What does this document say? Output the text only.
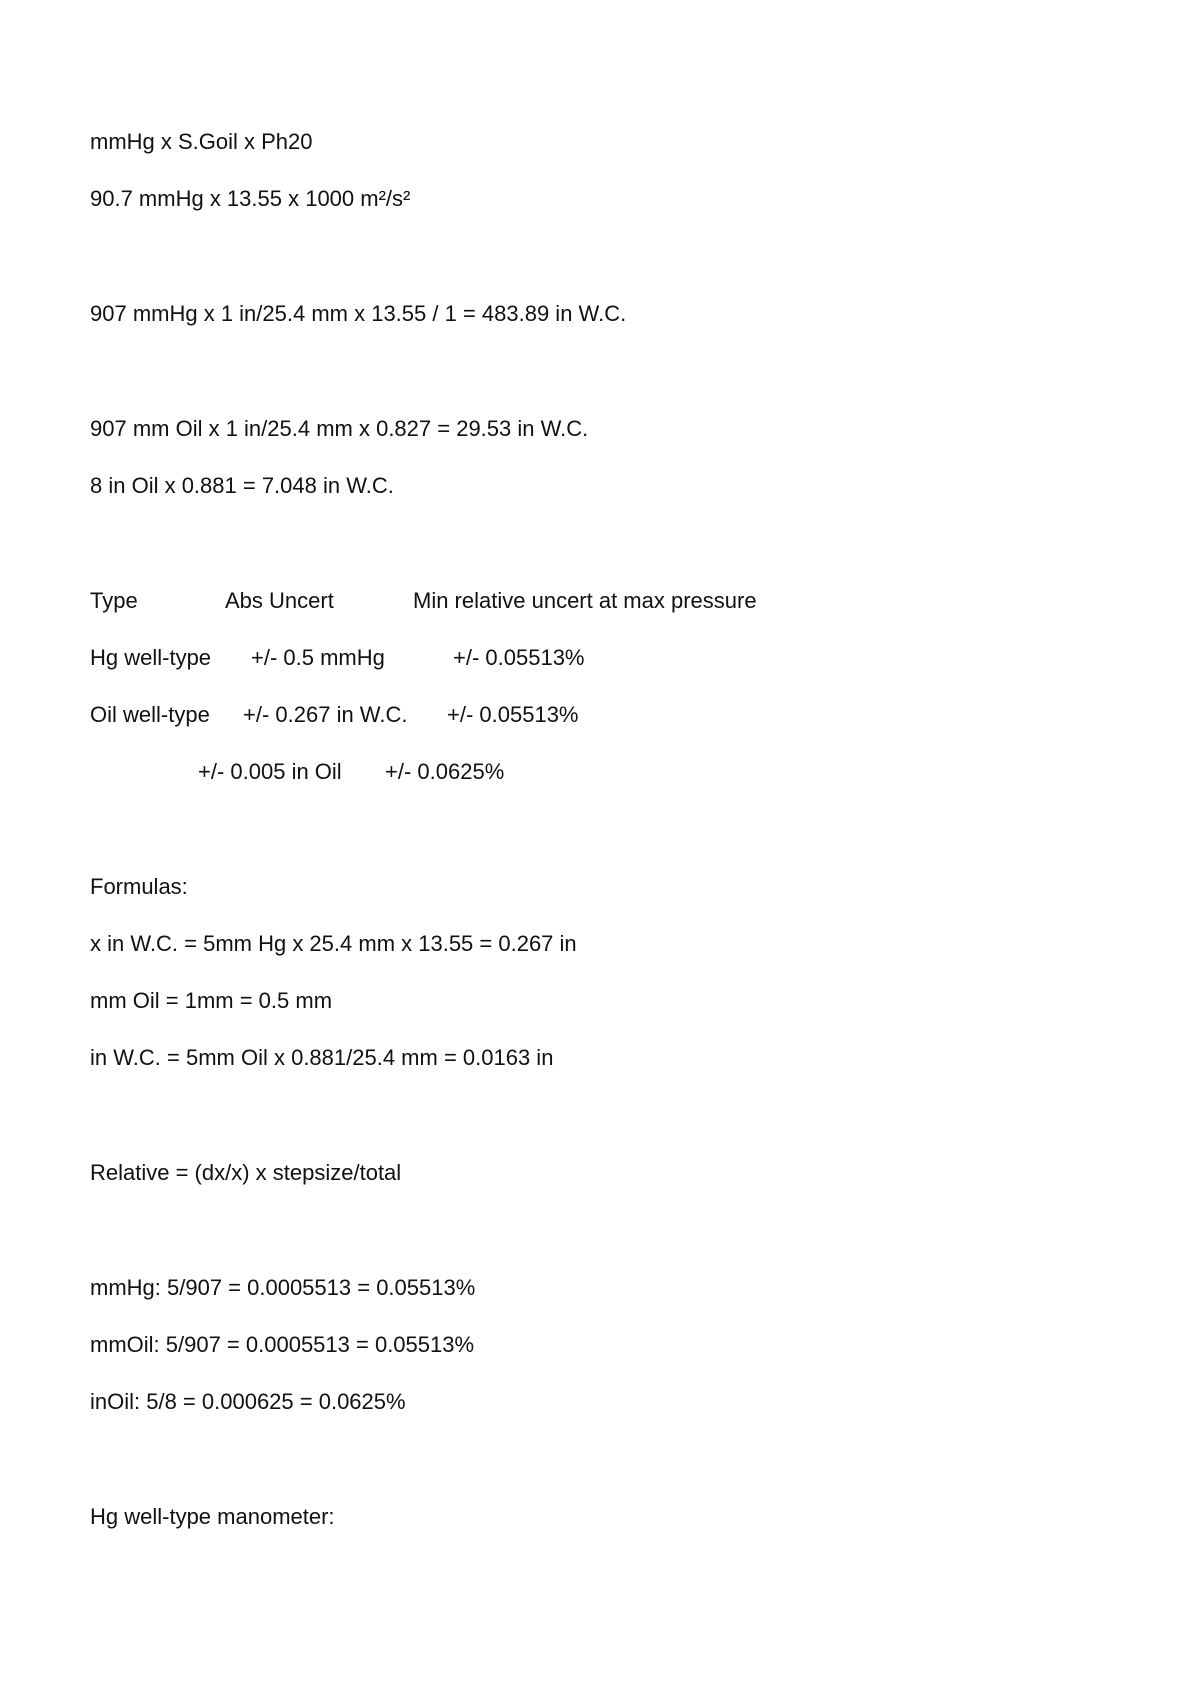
mmHg x S.Goil x Ph20
90.7 mmHg x 13.55 x 1000 m²/s²
907 mmHg x 1 in/25.4 mm x 13.55 / 1 = 483.89 in W.C.
907 mm Oil x 1 in/25.4 mm x 0.827 = 29.53 in W.C.
8 in Oil x 0.881 = 7.048 in W.C.
Type	Abs Uncert	Min relative uncert at max pressure
Hg well-type +/- 0.5 mmHg	+/- 0.05513%
Oil well-type +/- 0.267 in W.C. +/- 0.05513%
+/- 0.005 in Oil +/- 0.0625%
Formulas:
x in W.C. = 5mm Hg x 25.4 mm x 13.55 = 0.267 in
mm Oil = 1mm = 0.5 mm
in W.C. = 5mm Oil x 0.881/25.4 mm = 0.0163 in
Relative = (dx/x) x stepsize/total
mmHg: 5/907 = 0.0005513 = 0.05513%
mmOil: 5/907 = 0.0005513 = 0.05513%
inOil: 5/8 = 0.000625 = 0.0625%
Hg well-type manometer:
